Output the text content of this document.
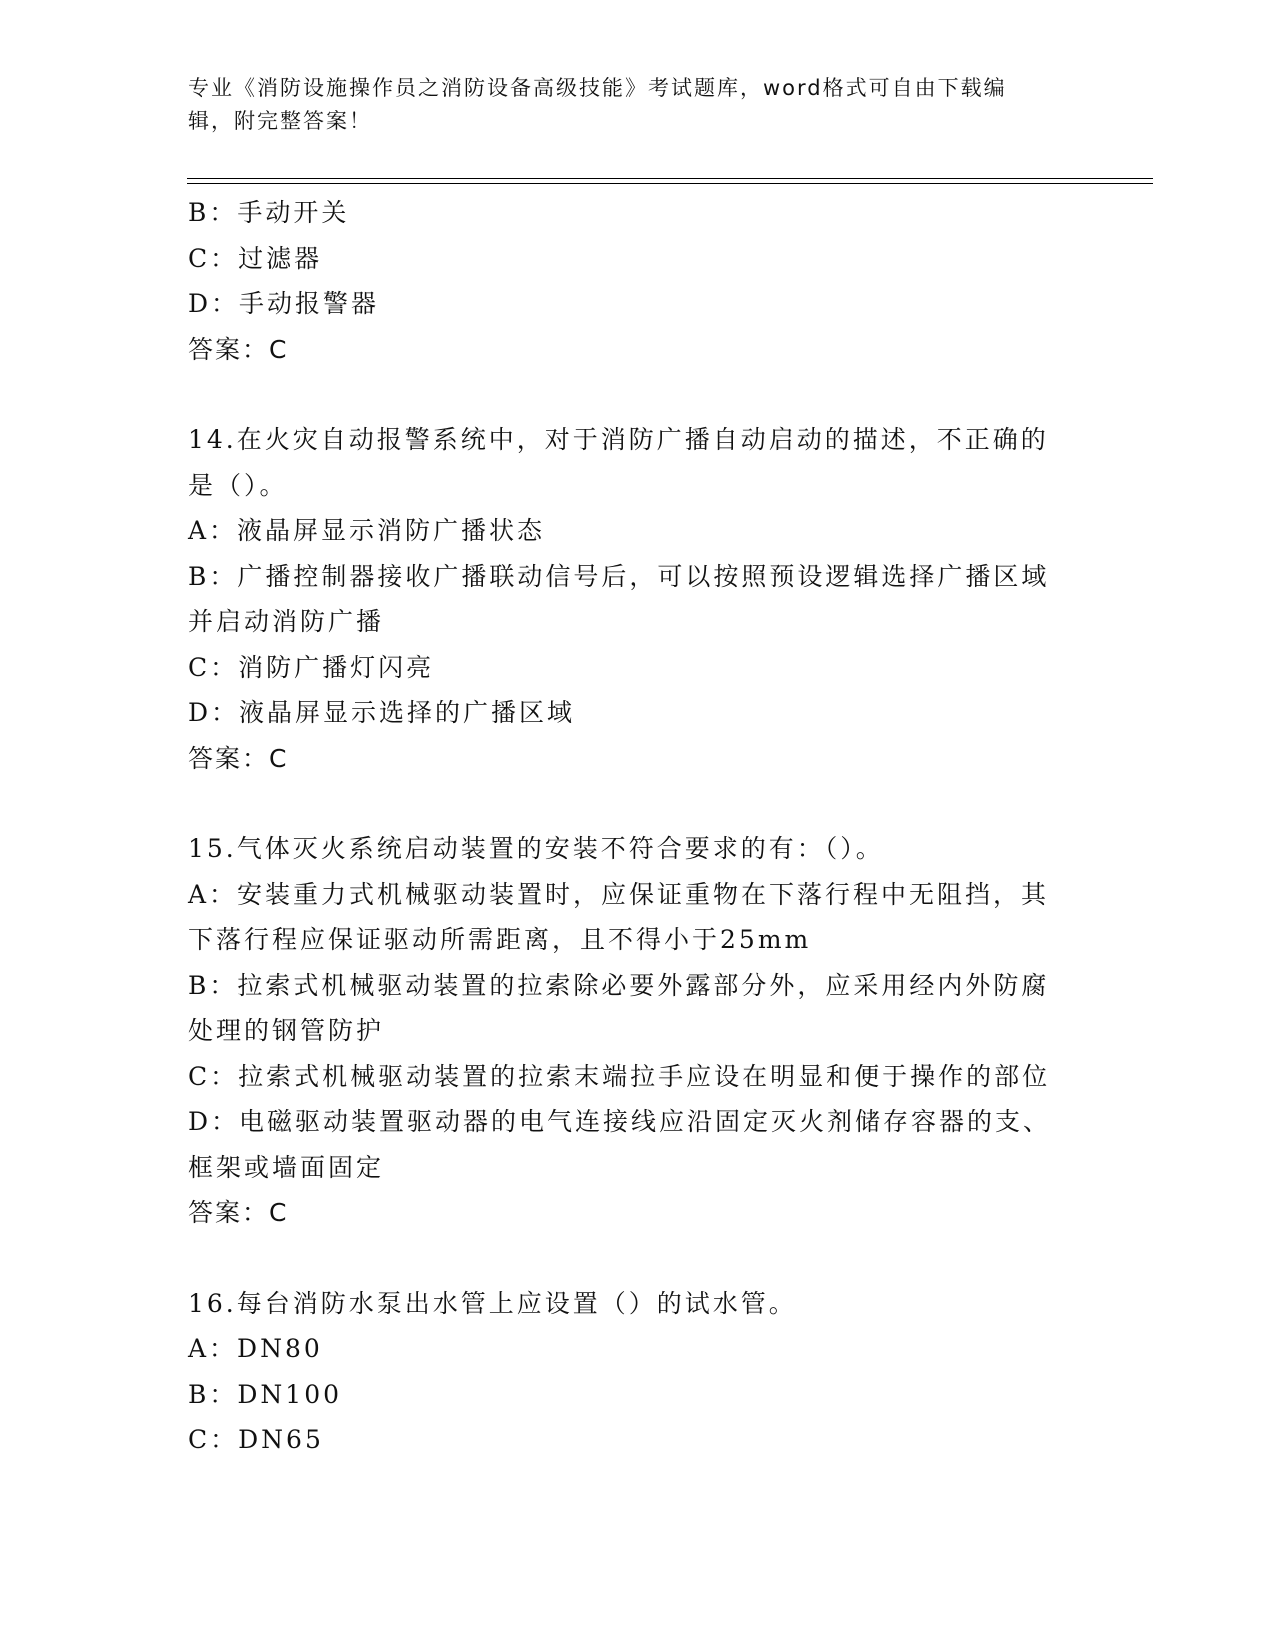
专业《消防设施操作员之消防设备高级技能》考试题库，word格式可自由下载编
辑，附完整答案！
B：手动开关
C：过滤器
D：手动报警器
答案：C
14.在火灾自动报警系统中，对于消防广播自动启动的描述，不正确的
是（）。
A：液晶屏显示消防广播状态
B：广播控制器接收广播联动信号后，可以按照预设逻辑选择广播区域
并启动消防广播
C：消防广播灯闪亮
D：液晶屏显示选择的广播区域
答案：C
15.气体灭火系统启动装置的安装不符合要求的有：（）。
A：安装重力式机械驱动装置时，应保证重物在下落行程中无阻挡，其
下落行程应保证驱动所需距离，且不得小于25mm
B：拉索式机械驱动装置的拉索除必要外露部分外，应采用经内外防腐
处理的钢管防护
C：拉索式机械驱动装置的拉索末端拉手应设在明显和便于操作的部位
D：电磁驱动装置驱动器的电气连接线应沿固定灭火剂储存容器的支、
框架或墙面固定
答案：C
16.每台消防水泵出水管上应设置（）的试水管。
A：DN80
B：DN100
C：DN65
